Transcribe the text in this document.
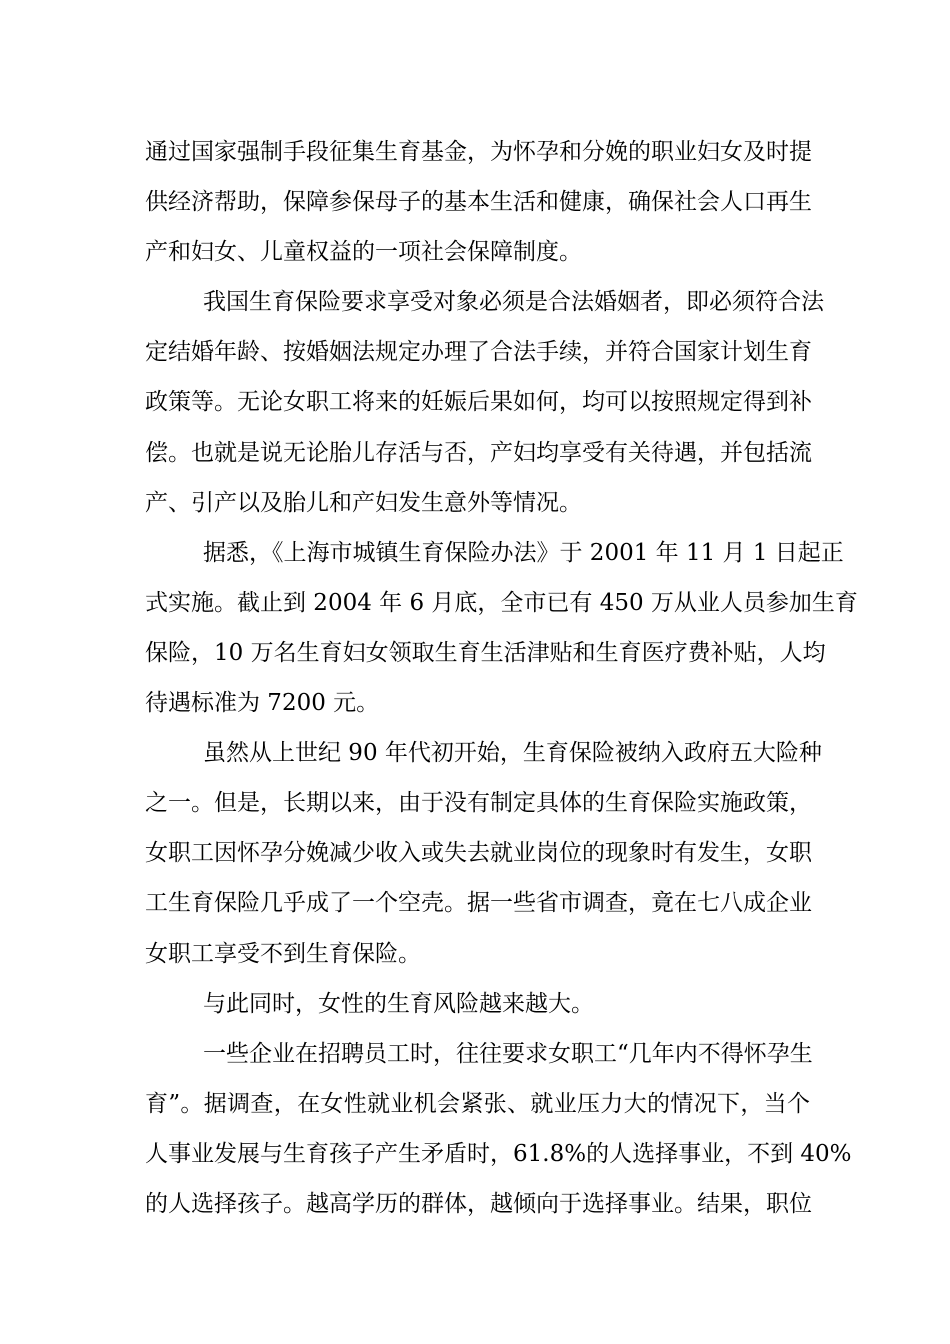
通过国家强制手段征集生育基金，为怀孕和分娩的职业妇女及时提
供经济帮助，保障参保母子的基本生活和健康，确保社会人口再生
产和妇女、儿童权益的一项社会保障制度。
我国生育保险要求享受对象必须是合法婚姻者，即必须符合法
定结婚年龄、按婚姻法规定办理了合法手续，并符合国家计划生育
政策等。无论女职工将来的妊娠后果如何，均可以按照规定得到补
偿。也就是说无论胎儿存活与否，产妇均享受有关待遇，并包括流
产、引产以及胎儿和产妇发生意外等情况。
据悉，《上海市城镇生育保险办法》于 2001 年 11 月 1 日起正
式实施。截止到 2004 年 6 月底，全市已有 450 万从业人员参加生育
保险，10 万名生育妇女领取生育生活津贴和生育医疗费补贴，人均
待遇标准为 7200 元。
虽然从上世纪 90 年代初开始，生育保险被纳入政府五大险种
之一。但是，长期以来，由于没有制定具体的生育保险实施政策，
女职工因怀孕分娩减少收入或失去就业岗位的现象时有发生，女职
工生育保险几乎成了一个空壳。据一些省市调查，竟在七八成企业
女职工享受不到生育保险。
与此同时，女性的生育风险越来越大。
一些企业在招聘员工时，往往要求女职工“几年内不得怀孕生
育”。据调查，在女性就业机会紧张、就业压力大的情况下，当个
人事业发展与生育孩子产生矛盾时，61.8%的人选择事业，不到 40%
的人选择孩子。越高学历的群体，越倾向于选择事业。结果，职位
